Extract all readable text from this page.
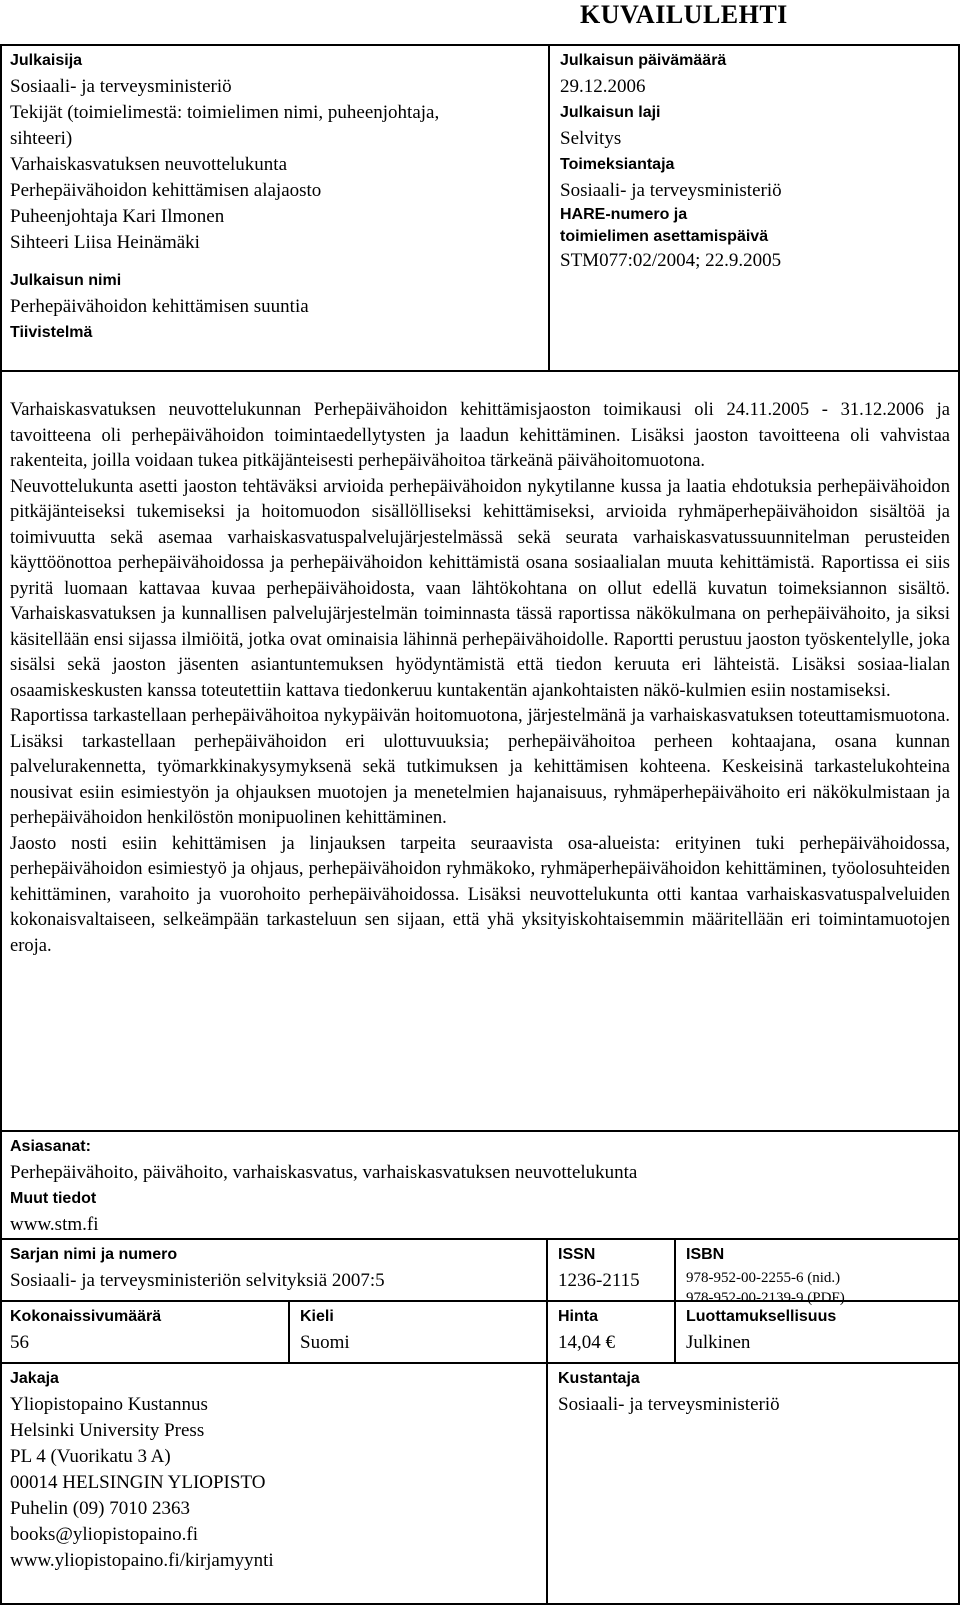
KUVAILULEHTI
Julkaisija
Sosiaali- ja terveysministeriö
Tekijät (toimielimestä: toimielimen nimi, puheenjohtaja, sihteeri)
Varhaiskasvatuksen neuvottelukunta
Perhepäivähoidon kehittämisen alajaosto
Puheenjohtaja Kari Ilmonen
Sihteeri Liisa Heinämäki
Julkaisun nimi
Perhepäivähoidon kehittämisen suuntia
Tiivistelmä
Julkaisun päivämäärä
29.12.2006
Julkaisun laji
Selvitys
Toimeksiantaja
Sosiaali- ja terveysministeriö
HARE-numero ja
toimielimen asettamispäivä
STM077:02/2004; 22.9.2005

Varhaiskasvatuksen neuvottelukunnan Perhepäivähoidon kehittämisjaoston toimikausi oli 24.11.2005 - 31.12.2006 ja tavoitteena oli perhepäivähoidon toimintaedellytysten ja laadun kehittäminen. Lisäksi jaoston tavoitteena oli vahvistaa rakenteita, joilla voidaan tukea pitkäjänteisesti perhepäivähoitoa tärkeänä päivähoitomuotona.

Neuvottelukunta asetti jaoston tehtäväksi arvioida perhepäivähoidon nykytilanne kussa ja laatia ehdotuksia perhepäivähoidon pitkäjänteiseksi tukemiseksi ja hoitomuodon sisällölliseksi kehittämiseksi, arvioida ryhmäperhepäivähoidon sisältöä ja toimivuutta sekä asemaa varhaiskasvatuspalvelujärjestelmässä sekä seurata varhaiskasvatussuunnitelman perusteiden käyttöönottoa perhepäivähoidossa ja perhepäivähoidon kehittämistä osana sosiaalialan muuta kehittämistä. Raportissa ei siis pyritä luomaan kattavaa kuvaa perhepäivähoidosta, vaan lähtökohtana on ollut edellä kuvatun toimeksiannon sisältö. Varhaiskasvatuksen ja kunnallisen palvelujärjestelmän toiminnasta tässä raportissa näkökulmana on perhepäivähoito, ja siksi käsitellään ensi sijassa ilmiöitä, jotka ovat ominaisia lähinnä perhepäivähoidolle. Raportti perustuu jaoston työskentelylle, joka sisälsi sekä jaoston jäsenten asiantuntemuksen hyödyntämistä että tiedon keruuta eri lähteistä. Lisäksi sosiaa-lialan osaamiskeskusten kanssa toteutettiin kattava tiedonkeruu kuntakentän ajankohtaisten näkö-kulmien esiin nostamiseksi.

Raportissa tarkastellaan perhepäivähoitoa nykypäivän hoitomuotona, järjestelmänä ja varhaiskasvatuksen toteuttamismuotona. Lisäksi tarkastellaan perhepäivähoidon eri ulottuvuuksia; perhepäivähoitoa perheen kohtaajana, osana kunnan palvelurakennetta, työmarkkinakysymyksenä sekä tutkimuksen ja kehittämisen kohteena. Keskeisinä tarkastelukohteina nousivat esiin esimiestyön ja ohjauksen muotojen ja menetelmien hajanaisuus, ryhmäperhepäivähoito eri näkökulmistaan ja perhepäivähoidon henkilöstön monipuolinen kehittäminen.

Jaosto nosti esiin kehittämisen ja linjauksen tarpeita seuraavista osa-alueista: erityinen tuki perhepäivähoidossa, perhepäivähoidon esimiestyö ja ohjaus, perhepäivähoidon ryhmäkoko, ryhmäperhepäivähoidon kehittäminen, työolosuhteiden kehittäminen, varahoito ja vuorohoito perhepäivähoidossa. Lisäksi neuvottelukunta otti kantaa varhaiskasvatuspalveluiden kokonaisvaltaiseen, selkeämpään tarkasteluun sen sijaan, että yhä yksityiskohtaisemmin määritellään eri toimintamuotojen eroja.

Asiasanat:
Perhepäivähoito, päivähoito, varhaiskasvatus, varhaiskasvatuksen neuvottelukunta
Muut tiedot
www.stm.fi
Sarjan nimi ja numero
Sosiaali- ja terveysministeriön selvityksiä 2007:5
ISSN
1236-2115
ISBN
978-952-00-2255-6 (nid.)
978-952-00-2139-9 (PDF)
Kokonaissivumäärä
56
Kieli
Suomi
Hinta
14,04 €
Luottamuksellisuus
Julkinen
Jakaja
Yliopistopaino Kustannus
Helsinki University Press
PL 4 (Vuorikatu 3 A)
00014 HELSINGIN YLIOPISTO
Puhelin (09) 7010 2363
books@yliopistopaino.fi
www.yliopistopaino.fi/kirjamyynti
Kustantaja
Sosiaali- ja terveysministeriö
